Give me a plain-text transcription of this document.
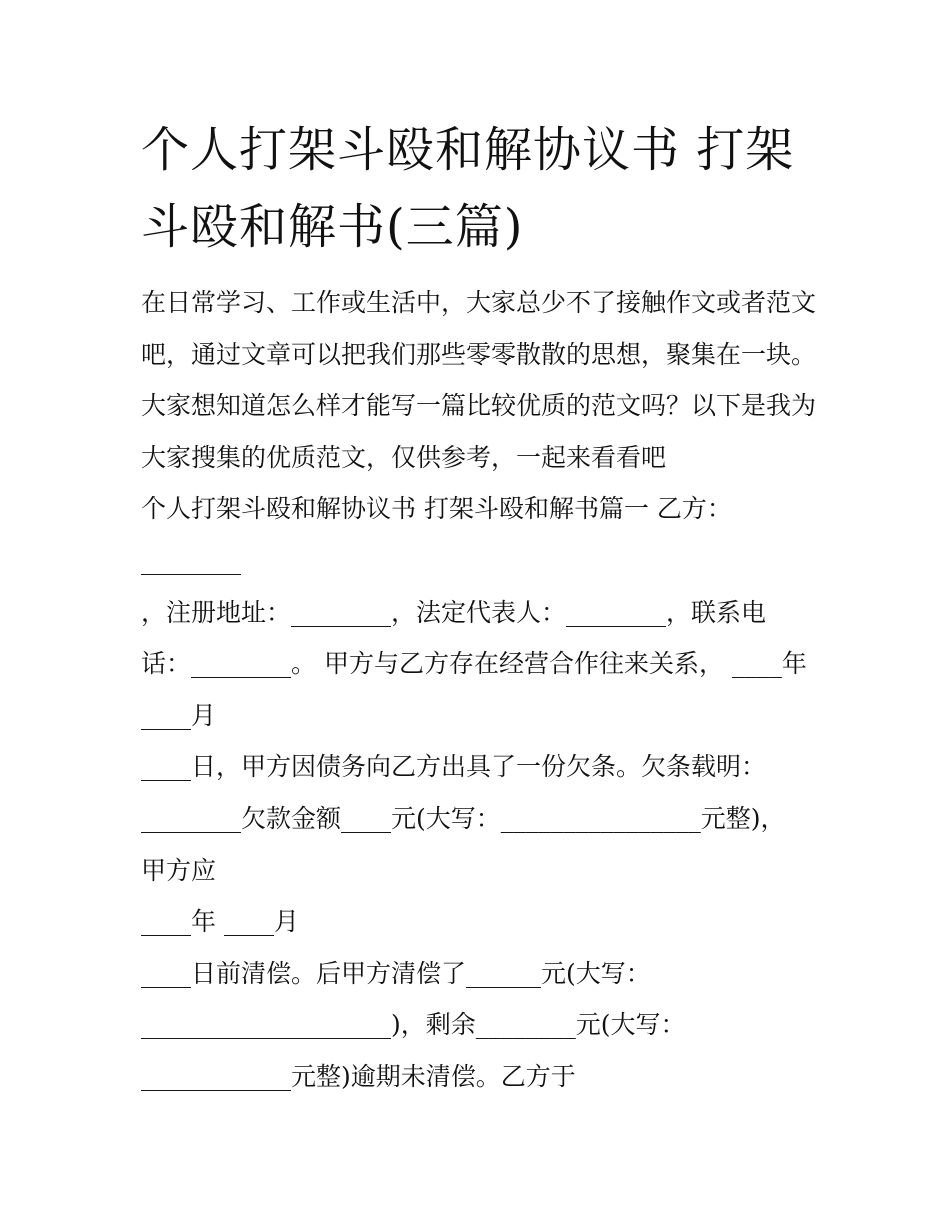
个人打架斗殴和解协议书 打架
斗殴和解书(三篇)
在日常学习、工作或生活中，大家总少不了接触作文或者范文
吧，通过文章可以把我们那些零零散散的思想，聚集在一块。
大家想知道怎么样才能写一篇比较优质的范文吗？以下是我为
大家搜集的优质范文，仅供参考，一起来看看吧
个人打架斗殴和解协议书 打架斗殴和解书篇一 乙方：
________
，注册地址：________，法定代表人：________，联系电
话：________。 甲方与乙方存在经营合作往来关系， ____年
____月
____日，甲方因债务向乙方出具了一份欠条。欠条载明：
________欠款金额____元(大写：________________元整)，
甲方应
____年 ____月
____日前清偿。后甲方清偿了______元(大写：
____________________)，剩余________元(大写：
____________元整)逾期未清偿。乙方于
